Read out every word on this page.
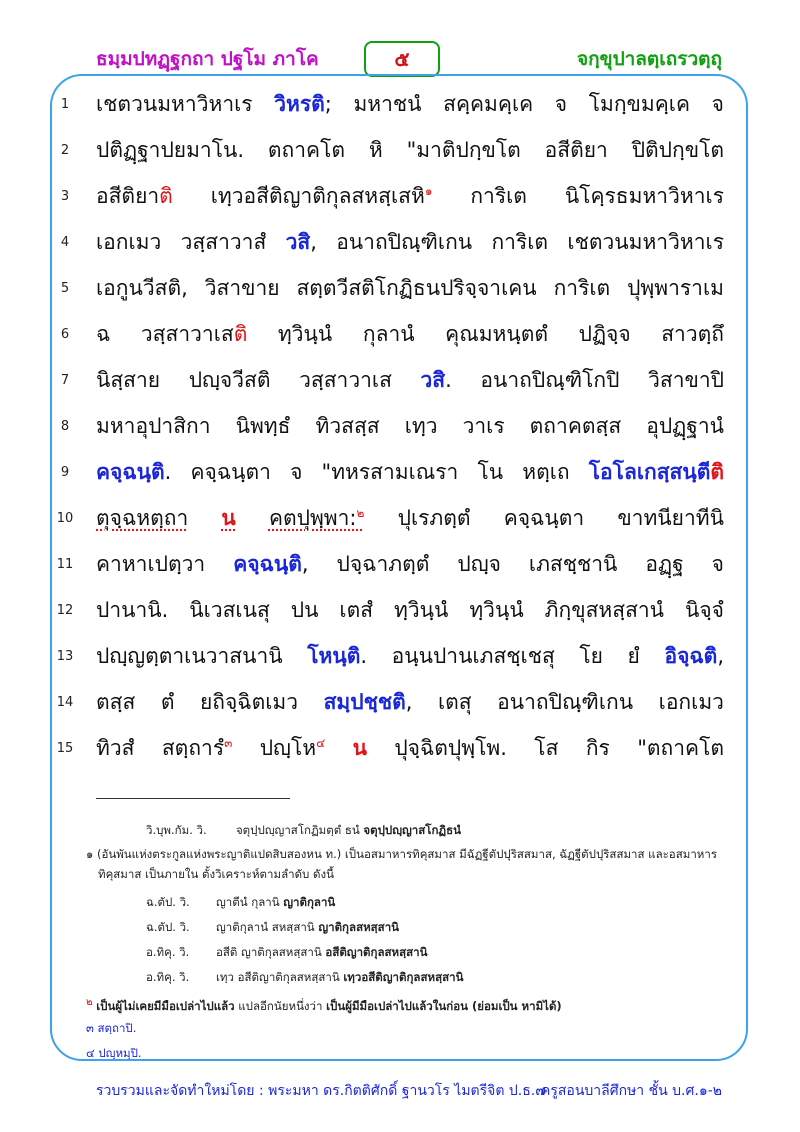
ธมฺมปทฏฺฐกถา ปฐโม ภาโค	๕	จกฺขุปาลตฺเถรวตฺถุ
1	เชตวนมหาวิหาเร วิหรติ; มหาชนํ สคฺคมคฺเค จ โมกฺขมคฺเค จ
2	ปติฏฺฐาปยมาโน. ตถาคโต หิ "มาติปกฺขโต อสีติยา ปิติปกฺขโต
3	อสีติยาติ เทฺวอสีติญาติกุลสหสฺเสหิ$^๑$ การิเต นิโคฺรธมหาวิหาเร
4	เอกเมว วสฺสาวาสํ วสิ, อนาถปิณฺฑิเกน การิเต เชตวนมหาวิหาเร
5	เอกูนวีสติ, วิสาขาย สตฺตวีสติโกฏิธนปริจฺจาเคน การิเต ปุพฺพาราเม
6	ฉ วสฺสาวาเสติ ทฺวินฺนํ กุลานํ คุณมหนฺตตํ ปฏิจฺจ สาวตฺถึ
7	นิสฺสาย ปญฺจวีสติ วสฺสาวาเส วสิ. อนาถปิณฺฑิโกปิ วิสาขาปิ
8	มหาอุปาสิกา นิพทฺธํ ทิวสสฺส เทฺว วาเร ตถาคตสฺส อุปฏฺฐานํ
9	คจฺฉนฺติ. คจฺฉนฺตา จ "ทหรสามเณรา โน หตฺเถ โอโลเกสฺสนฺตีติ
10	ตุจฺฉหตฺถา น คตปุพฺพา:$^๒$ ปุเรภตฺตํ คจฺฉนฺตา ขาทนียาทีนิ
11	คาหาเปตฺวา คจฺฉนฺติ, ปจฺฉาภตฺตํ ปญฺจ เภสชฺชานิ อฏฺฐ จ
12	ปานานิ. นิเวสเนสุ ปน เตสํ ทฺวินฺนํ ทฺวินฺนํ ภิกฺขุสหสฺสานํ นิจฺจํ
13	ปญฺญตฺตาเนวาสนานิ โหนฺติ. อนฺนปานเภสชฺเชสุ โย ยํ อิจฺฉติ,
14	ตสฺส ตํ ยถิจฺฉิตเมว สมฺปชฺชติ, เตสุ อนาถปิณฺฑิเกน เอกเมว
15	ทิวสํ สตฺถารํ$^๓$ ปญฺโห$^๔$ น ปุจฺฉิตปุพฺโพ. โส กิร "ตถาคโต
วิ.บุพ.กัม. วิ.	จตุปฺปญฺญาสโกฏิมตฺตํ ธนํ จตุปฺปญฺญาสโกฏิธนํ
๑ (อันพันแห่งตระกูลแห่งพระญาติแปดสิบสองหน ท.) เป็นอสมาหารทิคุสมาส มีฉัฏฐีตัปปุริสสมาส, ฉัฏฐีตัปปุริสสมาส และอสมาหาร
ทิคุสมาส เป็นภายใน ตั้งวิเคราะห์ตามลำดับ ดังนี้
ฉ.ตัป. วิ. ญาตีนํ กุลานิ ญาติกุลานิ
ฉ.ตัป. วิ. ญาติกุลานํ สหสฺสานิ ญาติกุลสหสฺสานิ
อ.ทิคุ. วิ. อสีติ ญาติกุลสหสฺสานิ อสีติญาติกุลสหสฺสานิ
อ.ทิคุ. วิ. เทฺว อสีติญาติกุลสหสฺสานิ เทฺวอสีติญาติกุลสหสฺสานิ
๒ เป็นผู้ไม่เคยมีมือเปล่าไปแล้ว แปลอีกนัยหนึ่งว่า เป็นผู้มีมือเปล่าไปแล้วในก่อน (ย่อมเป็น หามิได้)
๓ สตฺถาปิ.
๔ ปญฺหมฺปิ.
รวบรวมและจัดทำใหม่โดย : พระมหา ดร.กิตติศักดิ์ ฐานวโร ไมตรีจิต ป.ธ.๗
ครูสอนบาลีศึกษา ชั้น บ.ศ.๑-๒
